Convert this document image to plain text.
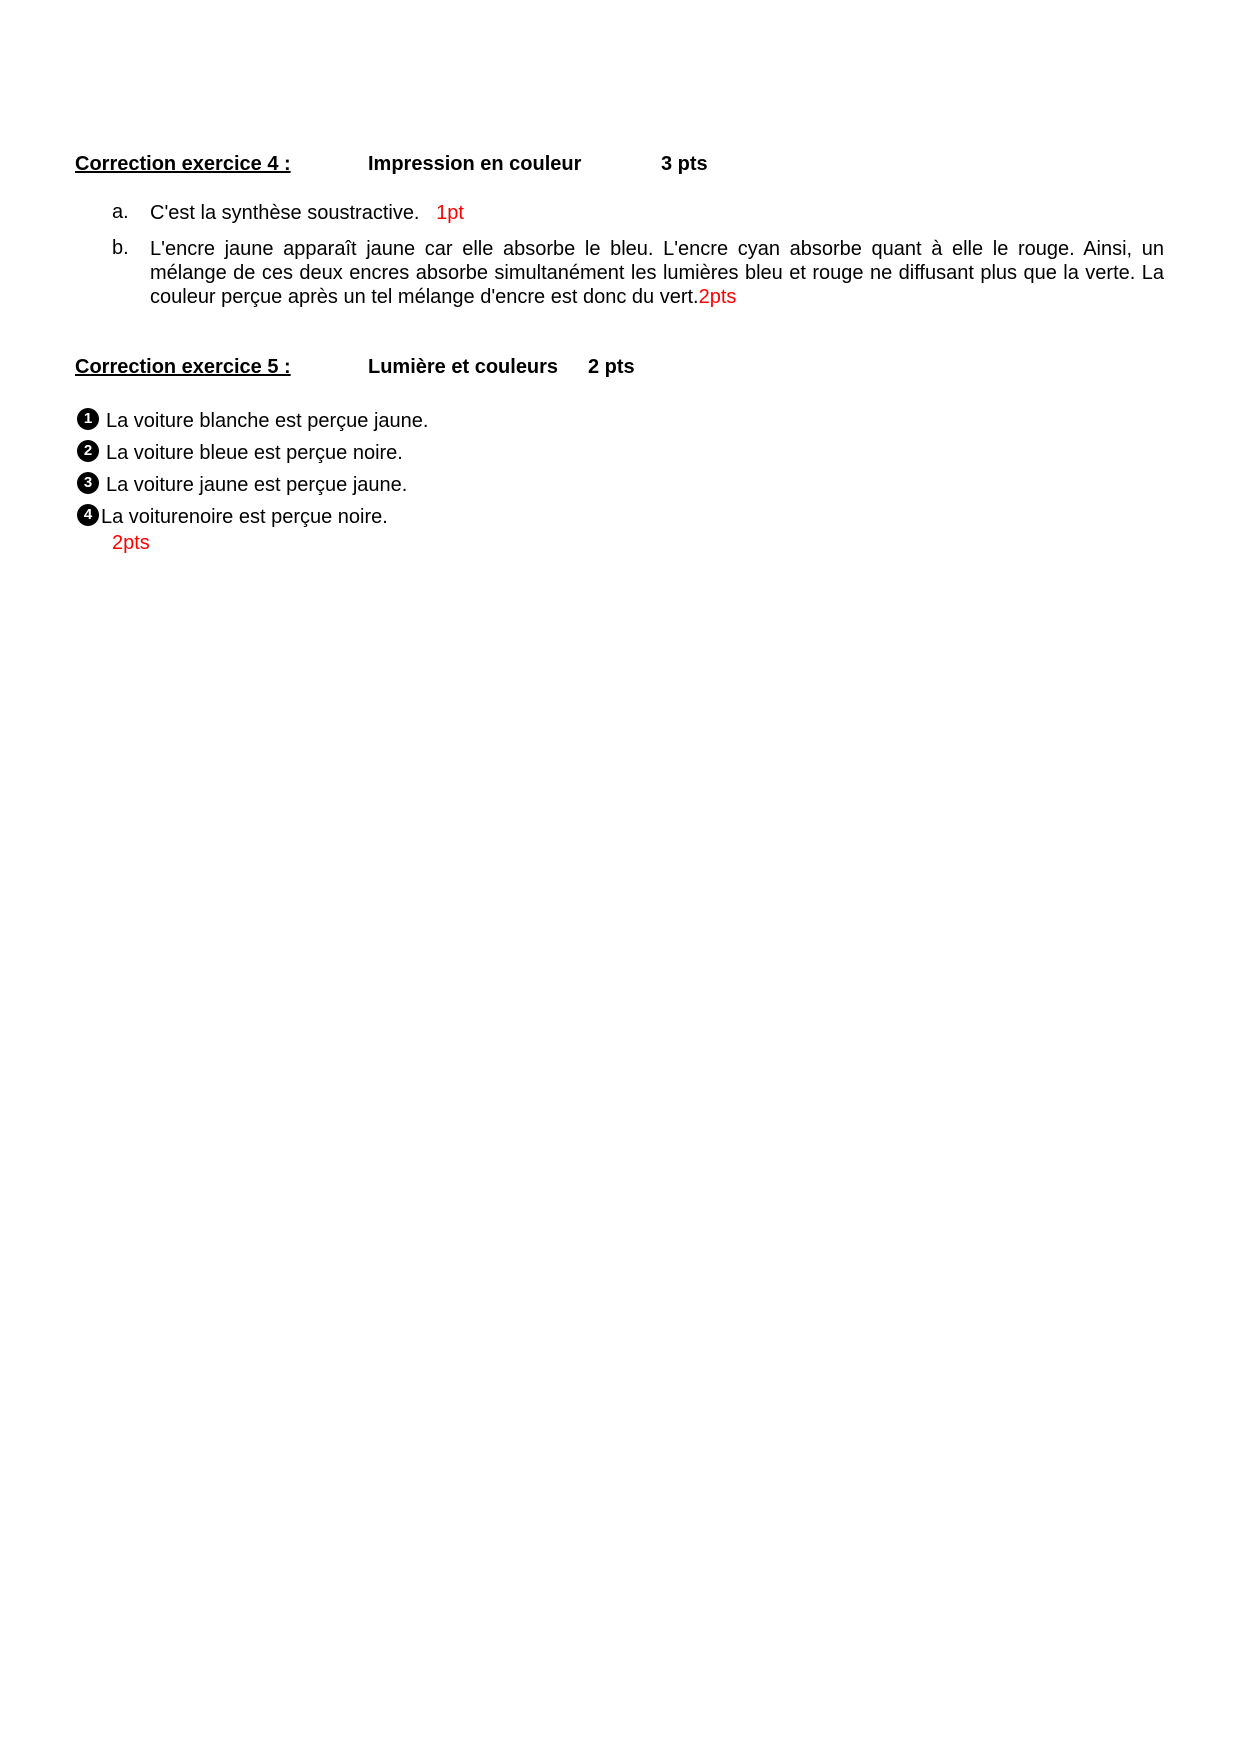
Correction exercice 4 :	Impression en couleur	3 pts
a. C'est la synthèse soustractive. 1pt
b. L'encre jaune apparaît jaune car elle absorbe le bleu. L'encre cyan absorbe quant à elle le rouge. Ainsi, un mélange de ces deux encres absorbe simultanément les lumières bleu et rouge ne diffusant plus que la verte. La couleur perçue après un tel mélange d'encre est donc du vert.2pts
Correction exercice 5 :	Lumière et couleurs 2 pts
1 La voiture blanche est perçue jaune.
2 La voiture bleue est perçue noire.
3 La voiture jaune est perçue jaune.
4 La voiturenoire est perçue noire.
2pts
